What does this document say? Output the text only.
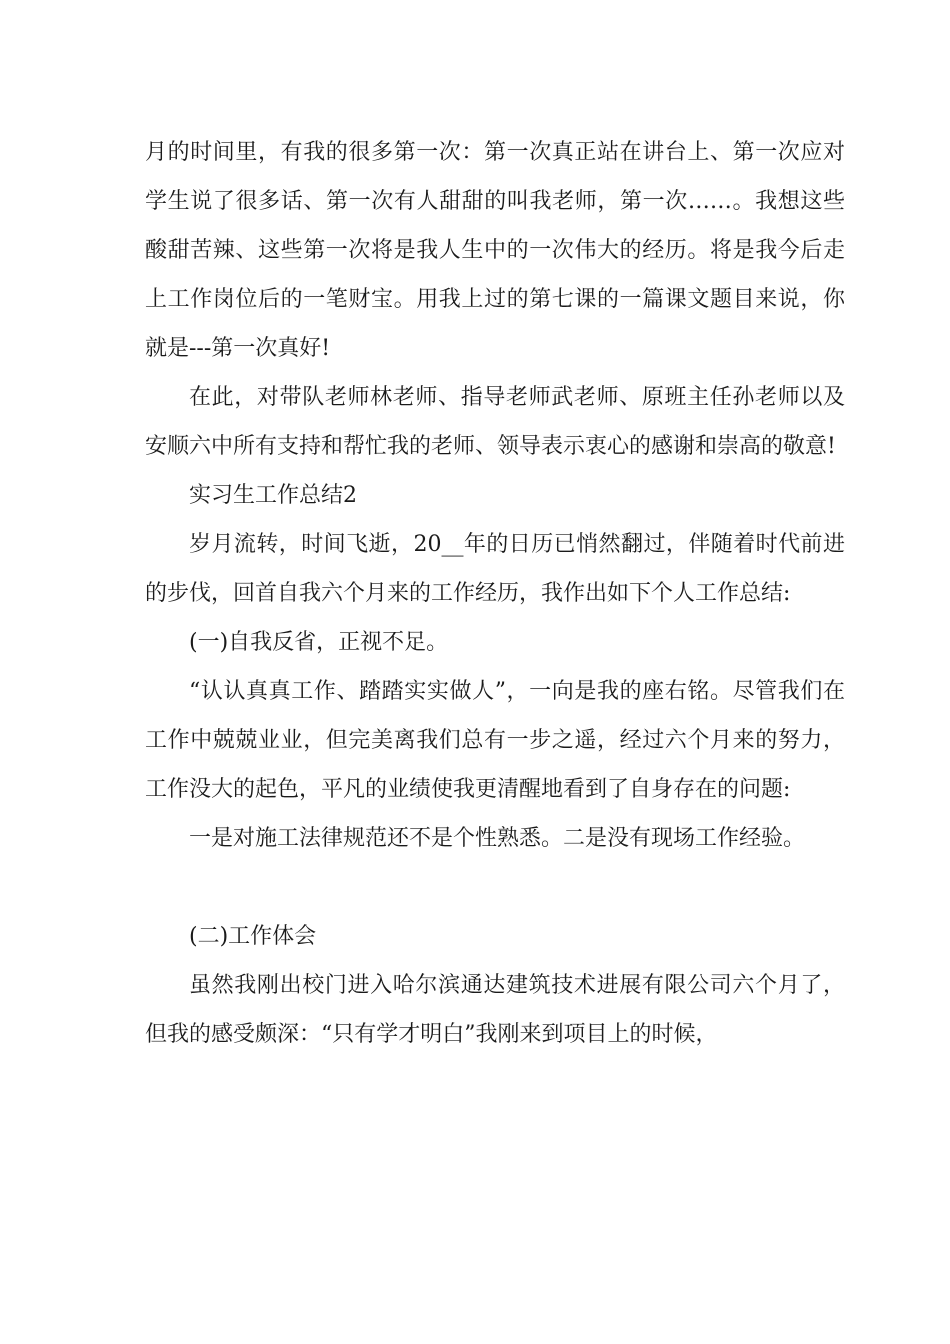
月的时间里，有我的很多第一次：第一次真正站在讲台上、第一次应对学生说了很多话、第一次有人甜甜的叫我老师，第一次……。我想这些酸甜苦辣、这些第一次将是我人生中的一次伟大的经历。将是我今后走上工作岗位后的一笔财宝。用我上过的第七课的一篇课文题目来说，你就是---第一次真好!

在此，对带队老师林老师、指导老师武老师、原班主任孙老师以及安顺六中所有支持和帮忙我的老师、领导表示衷心的感谢和崇高的敬意!

实习生工作总结2

岁月流转，时间飞逝，20__年的日历已悄然翻过，伴随着时代前进的步伐，回首自我六个月来的工作经历，我作出如下个人工作总结:

(一)自我反省，正视不足。

“认认真真工作、踏踏实实做人”，一向是我的座右铭。尽管我们在工作中兢兢业业，但完美离我们总有一步之遥，经过六个月来的努力，工作没大的起色，平凡的业绩使我更清醒地看到了自身存在的问题:

一是对施工法律规范还不是个性熟悉。二是没有现场工作经验。

(二)工作体会

虽然我刚出校门进入哈尔滨通达建筑技术进展有限公司六个月了，但我的感受颇深：“只有学才明白”我刚来到项目上的时候，
